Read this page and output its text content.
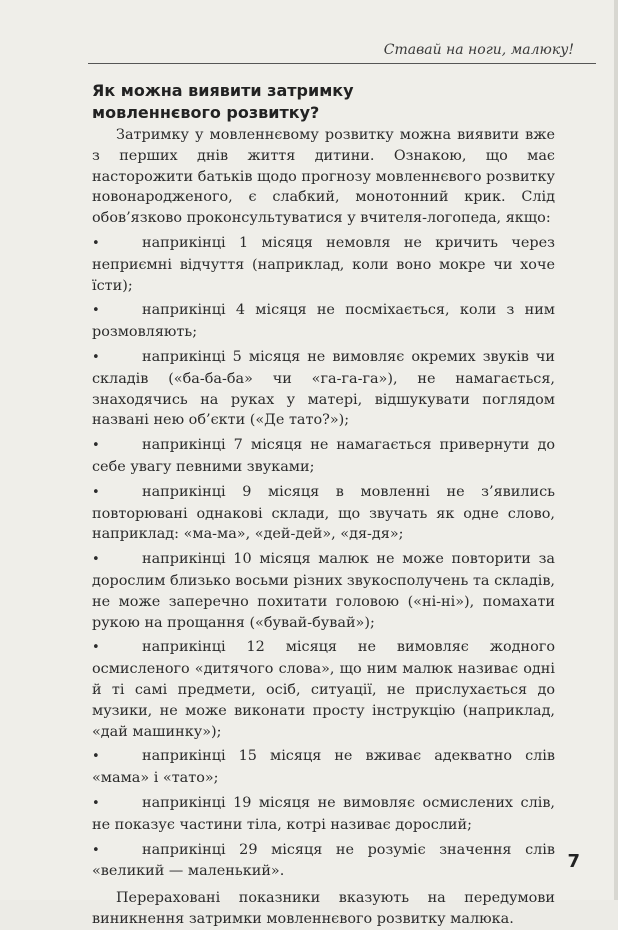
Ставай на ноги, малюку!
Як можна виявити затримку
мовленнєвого розвитку?

Затримку у мовленнєвому розвитку можна виявити вже з перших днів життя дитини. Ознакою, що має насторожити батьків щодо прогнозу мовленнєвого розвитку новонародженого, є слабкий, монотонний крик. Слід обов’язково проконсультуватися у вчителя-логопеда, якщо:

•	наприкінці 1 місяця немовля не кричить через неприємні відчуття (наприклад, коли воно мокре чи хоче їсти);
•	наприкінці 4 місяця не посміхається, коли з ним розмовляють;
•	наприкінці 5 місяця не вимовляє окремих звуків чи складів («ба-ба-ба» чи «га-га-га»), не намагається, знаходячись на руках у матері, відшукувати поглядом названі нею об’єкти («Де тато?»);
•	наприкінці 7 місяця не намагається привернути до себе увагу певними звуками;
•	наприкінці 9 місяця в мовленні не з’явились повторювані однакові склади, що звучать як одне слово, наприклад: «ма-ма», «дей-дей», «дя-дя»;
•	наприкінці 10 місяця малюк не може повторити за дорослим близько восьми різних звукосполучень та складів, не може заперечно похитати головою («ні-ні»), помахати рукою на прощання («бувай-бувай»);
•	наприкінці 12 місяця не вимовляє жодного осмисленого «дитячого слова», що ним малюк називає одні й ті самі предмети, осіб, ситуації, не прислухається до музики, не може виконати просту інструкцію (наприклад, «дай машинку»);
•	наприкінці 15 місяця не вживає адекватно слів «мама» і «тато»;
•	наприкінці 19 місяця не вимовляє осмислених слів, не показує частини тіла, котрі називає дорослий;
•	наприкінці 29 місяця не розуміє значення слів «великий — маленький».

Перераховані показники вказують на передумови виникнення затримки мовленнєвого розвитку малюка.

7
